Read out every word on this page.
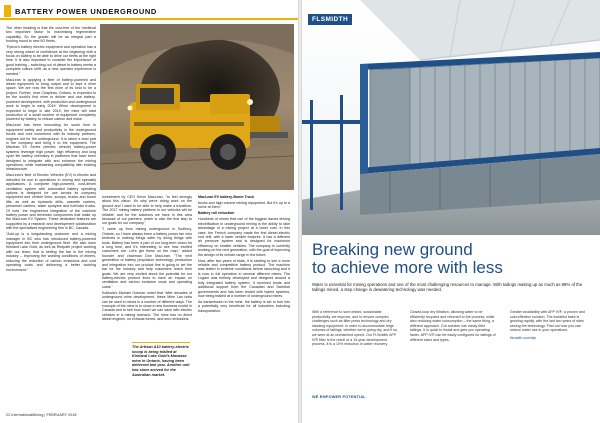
BATTERY POWER UNDERGROUND

The other heading is that the cost-free of the medleval two important factor to maximising regenerative capability. So the grader will be as integral part a funding mood to new 5G fleets.

"Epiroc's battery electric equipment and operation has a very strong wheel of confidence at the beginning with a focus on battery to be able to drive our fleets at the right time. It is also important to consider the importance of good training – switching out of diesel to battery needs a complete culture shift, as a new operator experience is needed."

MacLean is applying a fleet of battery-powered and diesel equipment to bring output and to kept a mine space. We are now the first mine of its kind to be a project. Further, near Chapleau, Ontario, is expected to be the world's first mine to deliver and use battery-powered development, with production and underground work to begin in early 2019. When development is expected to begin in late 2019, the mine will start production of a small number of equipment completely powered by battery, to reduce carbon and noise.

MacLean has been innovating for some time in equipment safety and productivity in the underground trucks and rock movement with its industry partners, engines out for the underground. It is taken a lead part in the company and bring it to the equipment. The Maclean EV Series (electric vehicle) battery-power systems leverage high power, high efficiency and long cycle life battery chemistry in platforms that have been designed to integrate with and enhance the mining operations, while maintaining compatibility with existing infrastructure.

MacLean's fleet of Electric Vehicles (EV) is electric and intended for use in operations in mining and specialty applications. A complete high-powered, cost-driven ventilation system with automated battery operating options is designed for use across its company equipment and vehicle lines: scoops, trucks and boom lifts, as well as hydraulic drills, cassette carriers, personnel carriers, water sprayers and fuel/lube trucks. Of note, the engineered integration of the machine battery power and drivetrain components that make up the MacLean EV System. These dedicated features are supported by a research and development collaboration with the specialised engineering firm in BC, Canada.

"Add-up is a longstanding customer and a mining manager in BC who has introduced battery-powered equipment into their underground fleet. We also have Kirkland Lake Gold, as well as Redpath project working with our team, that is setting the bar in the mining industry – improving the working conditions of miners, reducing the reduction of carbon emissions and cost operating costs and delivering a better working environment."

Investment by CEO Kevin MacLean, "to feel strongly about this vision. It's why we're doing work on the ground and I want to be able to help make a transition. The 2017 mining battery platform in our vehicles will be reliable, and for the solutions we have in this area because of our partners, which is also the first step to our goals for our company."

"I came up from mining underground in Sudbury, Ontario, so I have always been a battery power fan who believes in making things safer by doing things with tools. Battery has been a part of our long-term vision for a long time, and it's interesting to see how excited customers are. Let's get these on the map," added founder and chairman Don MacLean. "The next generation of battery propulsion technology, production and integration into our product line is going to set the bar for the industry and help customers reach their goals. We are very excited about the potential for our battery-electric product lines to have an impact on ventilation and carbon emission costs and operating costs."

Kokkola's Michael Gorman noted that "after decades of underground mine development, these Mine Lan units can be used in mines in a number of different ways. The example of the mine is to show a new business model in Canada and to see how much we can save with electric vehicles in a mining scenario. The mine has no direct diesel engines, no exhaust fumes, and zero emissions.

MacLean EV battery-Boom Truck

trucks and high-volume mining equipment. But it's up to a niche at them."

Battery roll reduction

Hundreds of mines that use of the biggest issues driving electrification in underground mining is the ability to take advantage of a mining project at a lower cost. In this case, the French company made the first diesel-electric roof drill, with a lower vehicle footprint. It has a different air pressure system and is designed for maximum efficiency on smaller vehicles. The company is currently working on the next generation, with the goal of improving the design of its vehicle range in the future.

Now, after two years of trials, it is starting to see a more reliable and competitive battery product. The machine was tested in extreme conditions before launching and it is now in full operation in several different mines. The Lugarn was entirely developed and designed around a fully integrated battery system. It received funds and additional support from the Canadian and Swedish governments and has been tested with hybrid systems, now being trialled at a number of underground mines.

As transmission in the mine, the battery is set to turn into a potentially very beneficial for all industries including transportation.

The Artisan A10 battery-electric scoop is being trialled at Kirkland Lake Gold's Macassa mine in Ontario, having been delivered last year. Another unit has since arrived for the Australian market.
22 InternationalMining | FEBRUARY 2018
FLSMIDTH
Breaking new ground
to achieve more with less
Water is essential for mining operations and one of the most challenging resources to manage. With tailings making up as much as 98% of the tailings mined, a step change in dewatering technology was needed.
With a reference to sure-tested, sustainable productivity, we improve, and to ensure complex challenges such as filter press technology and dry stacking equipment. In order to accommodate large volumes of tailings, whether we're going dry, and if so, we were at an unmatched speed. Our FLSmidth AFP IV® filter is the result of a 15-year development process, it is a 10% reduction in water recovery.
Closed-loop dry filtration, allowing water to be efficiently recycled and returned to the process, while also reducing water consumption – the same thing, a different approach. Our solution can easily filter tailings. It is quick to install and gets you operating faster. AFP IV® can be easily configured for tailings of different sizes and types.
Greater availability with AFP IV®: a proven and cost-effective solution. The installed base is growing rapidly, with the last two years of sites seeing the technology. Find out how you can reduce water use in your operations.
flsmidth.com/afp
WE EMPOWER POTENTIAL
